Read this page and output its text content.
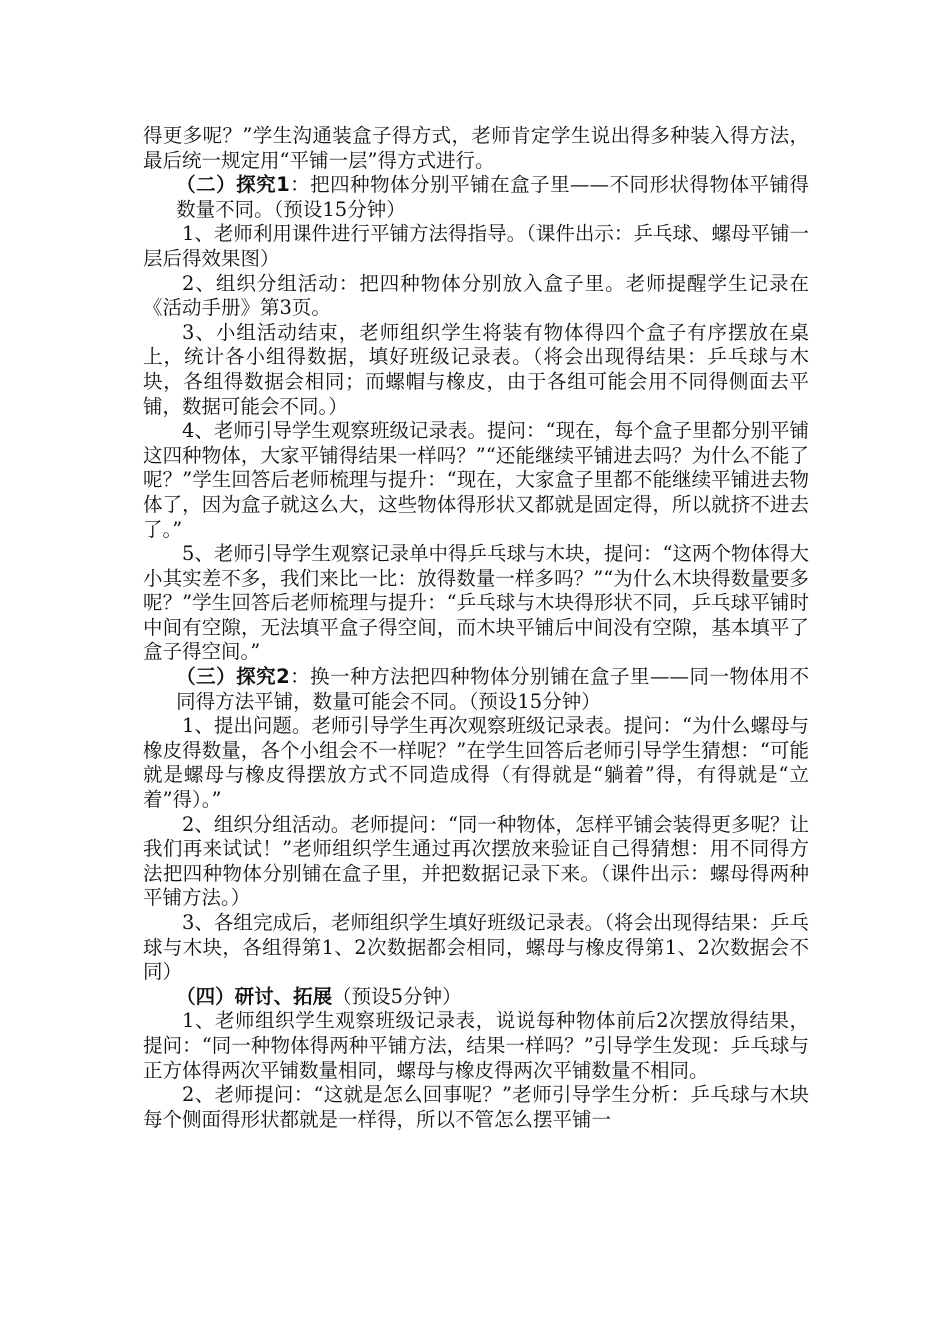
得更多呢？”学生沟通装盒子得方式，老师肯定学生说出得多种装入得方法，最后统一规定用“平铺一层”得方式进行。

（二）探究1：把四种物体分别平铺在盒子里——不同形状得物体平铺得数量不同。（预设15分钟）

1、老师利用课件进行平铺方法得指导。（课件出示：乒乓球、螺母平铺一层后得效果图）

2、组织分组活动：把四种物体分别放入盒子里。老师提醒学生记录在《活动手册》第3页。

3、小组活动结束，老师组织学生将装有物体得四个盒子有序摆放在桌上，统计各小组得数据，填好班级记录表。（将会出现得结果：乒乓球与木块，各组得数据会相同；而螺帽与橡皮，由于各组可能会用不同得侧面去平铺，数据可能会不同。）

4、老师引导学生观察班级记录表。提问：“现在，每个盒子里都分别平铺这四种物体，大家平铺得结果一样吗？”“还能继续平铺进去吗？为什么不能了呢？”学生回答后老师梳理与提升：“现在，大家盒子里都不能继续平铺进去物体了，因为盒子就这么大，这些物体得形状又都就是固定得，所以就挤不进去了。”

5、老师引导学生观察记录单中得乒乓球与木块，提问：“这两个物体得大小其实差不多，我们来比一比：放得数量一样多吗？”“为什么木块得数量要多呢？”学生回答后老师梳理与提升：“乒乓球与木块得形状不同，乒乓球平铺时中间有空隙，无法填平盒子得空间，而木块平铺后中间没有空隙，基本填平了盒子得空间。”

（三）探究2：换一种方法把四种物体分别铺在盒子里——同一物体用不同得方法平铺，数量可能会不同。（预设15分钟）

1、提出问题。老师引导学生再次观察班级记录表。提问：“为什么螺母与橡皮得数量，各个小组会不一样呢？”在学生回答后老师引导学生猜想：“可能就是螺母与橡皮得摆放方式不同造成得（有得就是“躺着”得，有得就是“立着”得）。”

2、组织分组活动。老师提问：“同一种物体，怎样平铺会装得更多呢？让我们再来试试！”老师组织学生通过再次摆放来验证自己得猜想：用不同得方法把四种物体分别铺在盒子里，并把数据记录下来。（课件出示：螺母得两种平铺方法。）

3、各组完成后，老师组织学生填好班级记录表。（将会出现得结果：乒乓球与木块，各组得第1、2次数据都会相同，螺母与橡皮得第1、2次数据会不同）

（四）研讨、拓展（预设5分钟）

1、老师组织学生观察班级记录表，说说每种物体前后2次摆放得结果，提问：“同一种物体得两种平铺方法，结果一样吗？”引导学生发现：乒乓球与正方体得两次平铺数量相同，螺母与橡皮得两次平铺数量不相同。

2、老师提问：“这就是怎么回事呢？”老师引导学生分析：乒乓球与木块每个侧面得形状都就是一样得，所以不管怎么摆平铺一
